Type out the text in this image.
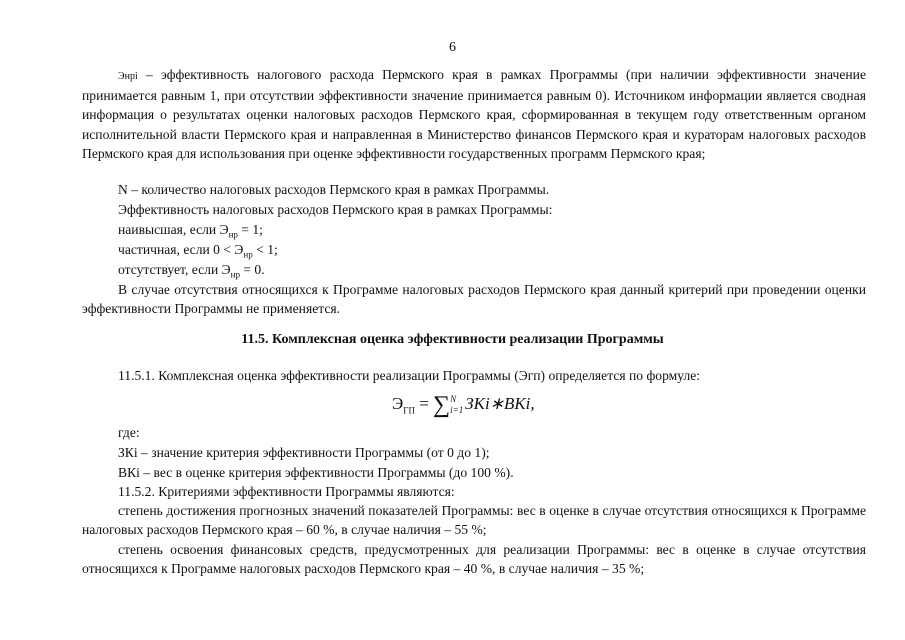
6

Энрi – эффективность налогового расхода Пермского края в рамках Программы (при наличии эффективности значение принимается равным 1, при отсутствии эффективности значение принимается равным 0). Источником информации является сводная информация о результатах оценки налоговых расходов Пермского края, сформированная в текущем году ответственным органом исполнительной власти Пермского края и направленная в Министерство финансов Пермского края и кураторам налоговых расходов Пермского края для использования при оценке эффективности государственных программ Пермского края;

N – количество налоговых расходов Пермского края в рамках Программы.
Эффективность налоговых расходов Пермского края в рамках Программы:
наивысшая, если $Э_{нр} = 1$;
частичная, если $0 < Э_{нр} < 1$;
отсутствует, если $Э_{нр} = 0$.

В случае отсутствия относящихся к Программе налоговых расходов Пермского края данный критерий при проведении оценки эффективности Программы не применяется.

11.5. Комплексная оценка эффективности реализации Программы

11.5.1. Комплексная оценка эффективности реализации Программы (Эгп) определяется по формуле:

$Э_{ГП} = \sum N$
i=1 ЗKi∗BKi,
где:
ЗКi – значение критерия эффективности Программы (от 0 до 1);
ВКi – вес в оценке критерия эффективности Программы (до 100 %).
11.5.2. Критериями эффективности Программы являются:

степень достижения прогнозных значений показателей Программы: вес в оценке в случае отсутствия относящихся к Программе налоговых расходов Пермского края – 60 %, в случае наличия – 55 %;

степень освоения финансовых средств, предусмотренных для реализации Программы: вес в оценке в случае отсутствия относящихся к Программе налоговых расходов Пермского края – 40 %, в случае наличия – 35 %;
